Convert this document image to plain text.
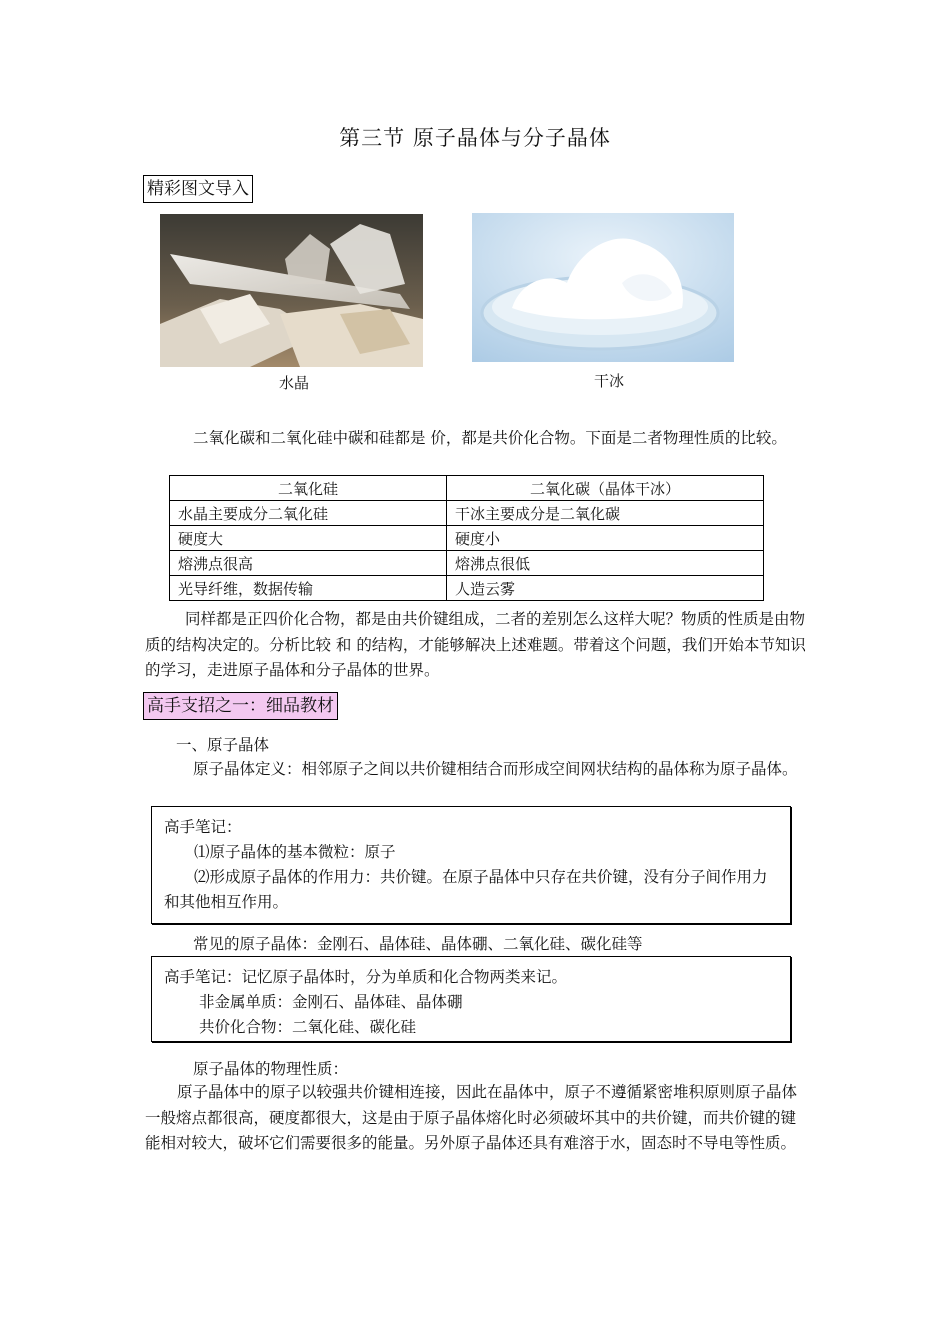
第三节 原子晶体与分子晶体
精彩图文导入
水晶	干冰
二氧化碳和二氧化硅中碳和硅都是 价，都是共价化合物。下面是二者物理性质的比较。
二氧化硅	二氧化碳（晶体干冰）
水晶主要成分二氧化硅	干冰主要成分是二氧化碳
硬度大	硬度小
熔沸点很高	熔沸点很低
光导纤维，数据传输	人造云雾
同样都是正四价化合物，都是由共价键组成，二者的差别怎么这样大呢？物质的性质是由物质的结构决定的。分析比较 和 的结构，才能够解决上述难题。带着这个问题，我们开始本节知识的学习，走进原子晶体和分子晶体的世界。
高手支招之一：细品教材
一、原子晶体
原子晶体定义：相邻原子之间以共价键相结合而形成空间网状结构的晶体称为原子晶体。
高手笔记：
⑴原子晶体的基本微粒：原子
⑵形成原子晶体的作用力：共价键。在原子晶体中只存在共价键，没有分子间作用力和其他相互作用。
常见的原子晶体：金刚石、晶体硅、晶体硼、二氧化硅、碳化硅等
高手笔记：记忆原子晶体时，分为单质和化合物两类来记。
非金属单质：金刚石、晶体硅、晶体硼
共价化合物：二氧化硅、碳化硅
原子晶体的物理性质：
原子晶体中的原子以较强共价键相连接，因此在晶体中，原子不遵循紧密堆积原则原子晶体一般熔点都很高，硬度都很大，这是由于原子晶体熔化时必须破坏其中的共价键，而共价键的键能相对较大，破坏它们需要很多的能量。另外原子晶体还具有难溶于水，固态时不导电等性质。
